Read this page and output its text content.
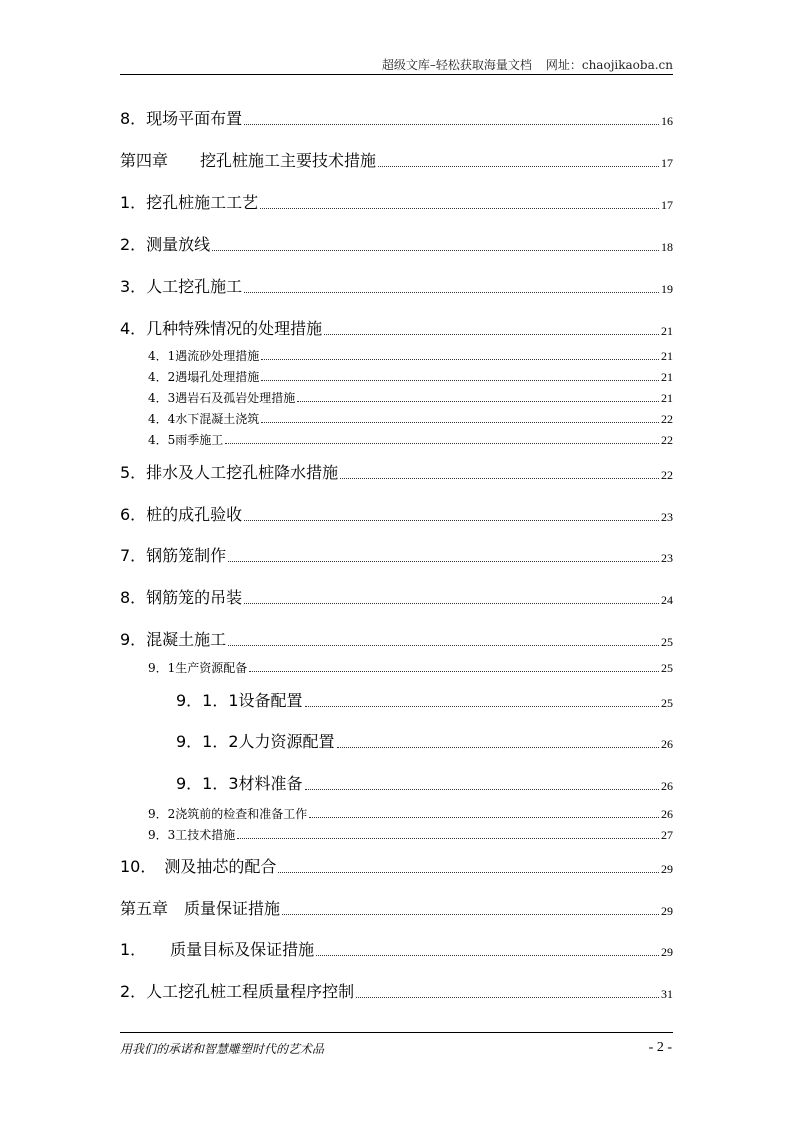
超级文库–轻松获取海量文档 网址：chaojikaoba.cn
8．现场平面布置	16
第四章　　挖孔桩施工主要技术措施	17
1．挖孔桩施工工艺	17
2．测量放线	18
3．人工挖孔施工	19
4．几种特殊情况的处理措施	21
4．1遇流砂处理措施	21
4．2遇塌孔处理措施	21
4．3遇岩石及孤岩处理措施	21
4．4水下混凝土浇筑	22
4．5雨季施工	22
5．排水及人工挖孔桩降水措施	22
6．桩的成孔验收	23
7．钢筋笼制作	23
8．钢筋笼的吊装	24
9．混凝土施工	25
9．1生产资源配备	25
9．1．1设备配置	25
9．1．2人力资源配置	26
9．1．3材料准备	26
9．2浇筑前的检查和准备工作	26
9．3工技术措施	27
10．　测及抽芯的配合	29
第五章　质量保证措施	29
1．　　质量目标及保证措施	29
2．人工挖孔桩工程质量程序控制	31
用我们的承诺和智慧雕塑时代的艺术品	- 2 -
